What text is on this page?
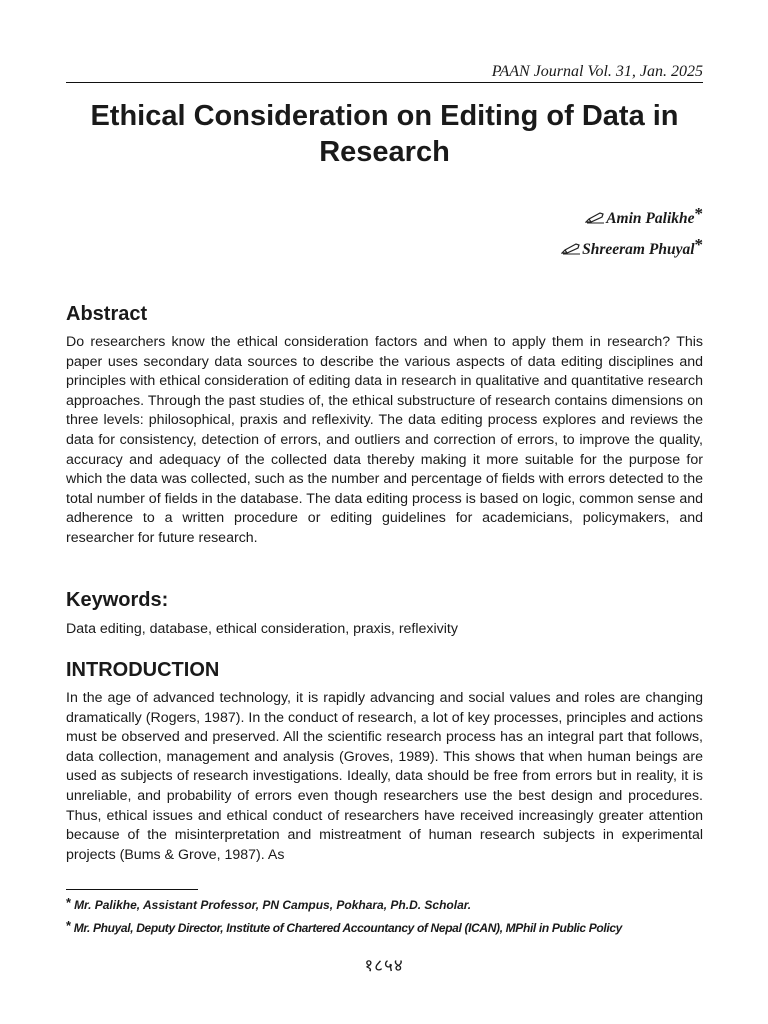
PAAN Journal Vol. 31, Jan. 2025
Ethical Consideration on Editing of Data in Research
Amin Palikhe*
Shreeram Phuyal*
Abstract

Do researchers know the ethical consideration factors and when to apply them in research? This paper uses secondary data sources to describe the various aspects of data editing disciplines and principles with ethical consideration of editing data in research in qualitative and quantitative research approaches. Through the past studies of, the ethical substructure of research contains dimensions on three levels: philosophical, praxis and reflexivity. The data editing process explores and reviews the data for consistency, detection of errors, and outliers and correction of errors, to improve the quality, accuracy and adequacy of the collected data thereby making it more suitable for the purpose for which the data was collected, such as the number and percentage of fields with errors detected to the total number of fields in the database. The data editing process is based on logic, common sense and adherence to a written procedure or editing guidelines for academicians, policymakers, and researcher for future research.

Keywords:

Data editing, database, ethical consideration, praxis, reflexivity

INTRODUCTION

In the age of advanced technology, it is rapidly advancing and social values and roles are changing dramatically (Rogers, 1987). In the conduct of research, a lot of key processes, principles and actions must be observed and preserved. All the scientific research process has an integral part that follows, data collection, management and analysis (Groves, 1989). This shows that when human beings are used as subjects of research investigations. Ideally, data should be free from errors but in reality, it is unreliable, and probability of errors even though researchers use the best design and procedures. Thus, ethical issues and ethical conduct of researchers have received increasingly greater attention because of the misinterpretation and mistreatment of human research subjects in experimental projects (Bums & Grove, 1987). As

* Mr. Palikhe, Assistant Professor, PN Campus, Pokhara, Ph.D. Scholar.

* Mr. Phuyal, Deputy Director, Institute of Chartered Accountancy of Nepal (ICAN), MPhil in Public Policy

१८५४
